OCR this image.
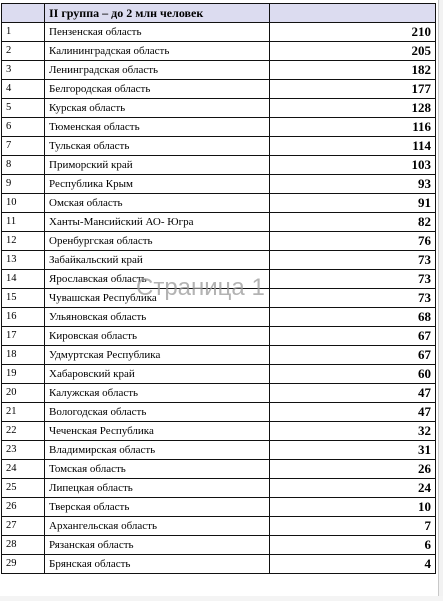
	II группа – до 2 млн человек	
1	Пензенская область	210
2	Калининградская область	205
3	Ленинградская область	182
4	Белгородская область	177
5	Курская область	128
6	Тюменская область	116
7	Тульская область	114
8	Приморский край	103
9	Республика Крым	93
10	Омская область	91
11	Ханты-Мансийский АО- Югра	82
12	Оренбургская область	76
13	Забайкальский край	73
14	Ярославская область	73
15	Чувашская Республика	73
16	Ульяновская область	68
17	Кировская область	67
18	Удмуртская Республика	67
19	Хабаровский край	60
20	Калужская область	47
21	Вологодская область	47
22	Чеченская Республика	32
23	Владимирская область	31
24	Томская область	26
25	Липецкая область	24
26	Тверская область	10
27	Архангельская область	7
28	Рязанская область	6
29	Брянская область	4
Страница 1
